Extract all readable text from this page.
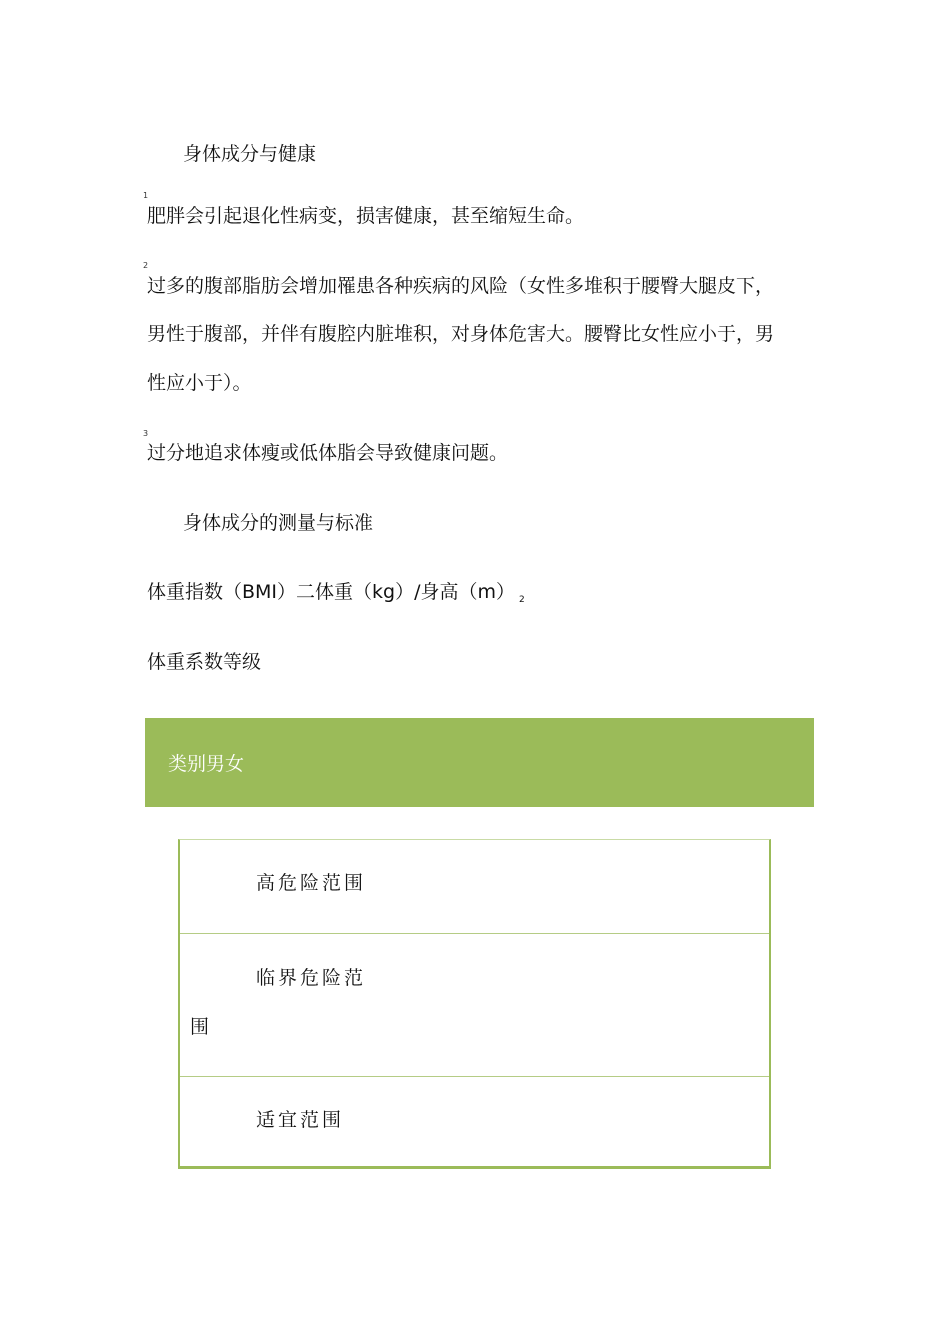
身体成分与健康
1
肥胖会引起退化性病变，损害健康，甚至缩短生命。
2
过多的腹部脂肪会增加罹患各种疾病的风险（女性多堆积于腰臀大腿皮下，
男性于腹部，并伴有腹腔内脏堆积，对身体危害大。腰臀比女性应小于，男
性应小于）。
3
过分地追求体瘦或低体脂会导致健康问题。
身体成分的测量与标准
体重指数（BMI）二体重（kg）/身高（m） $_2$
体重系数等级
类别男女
高危险范围
临界危险范
围
适宜范围
